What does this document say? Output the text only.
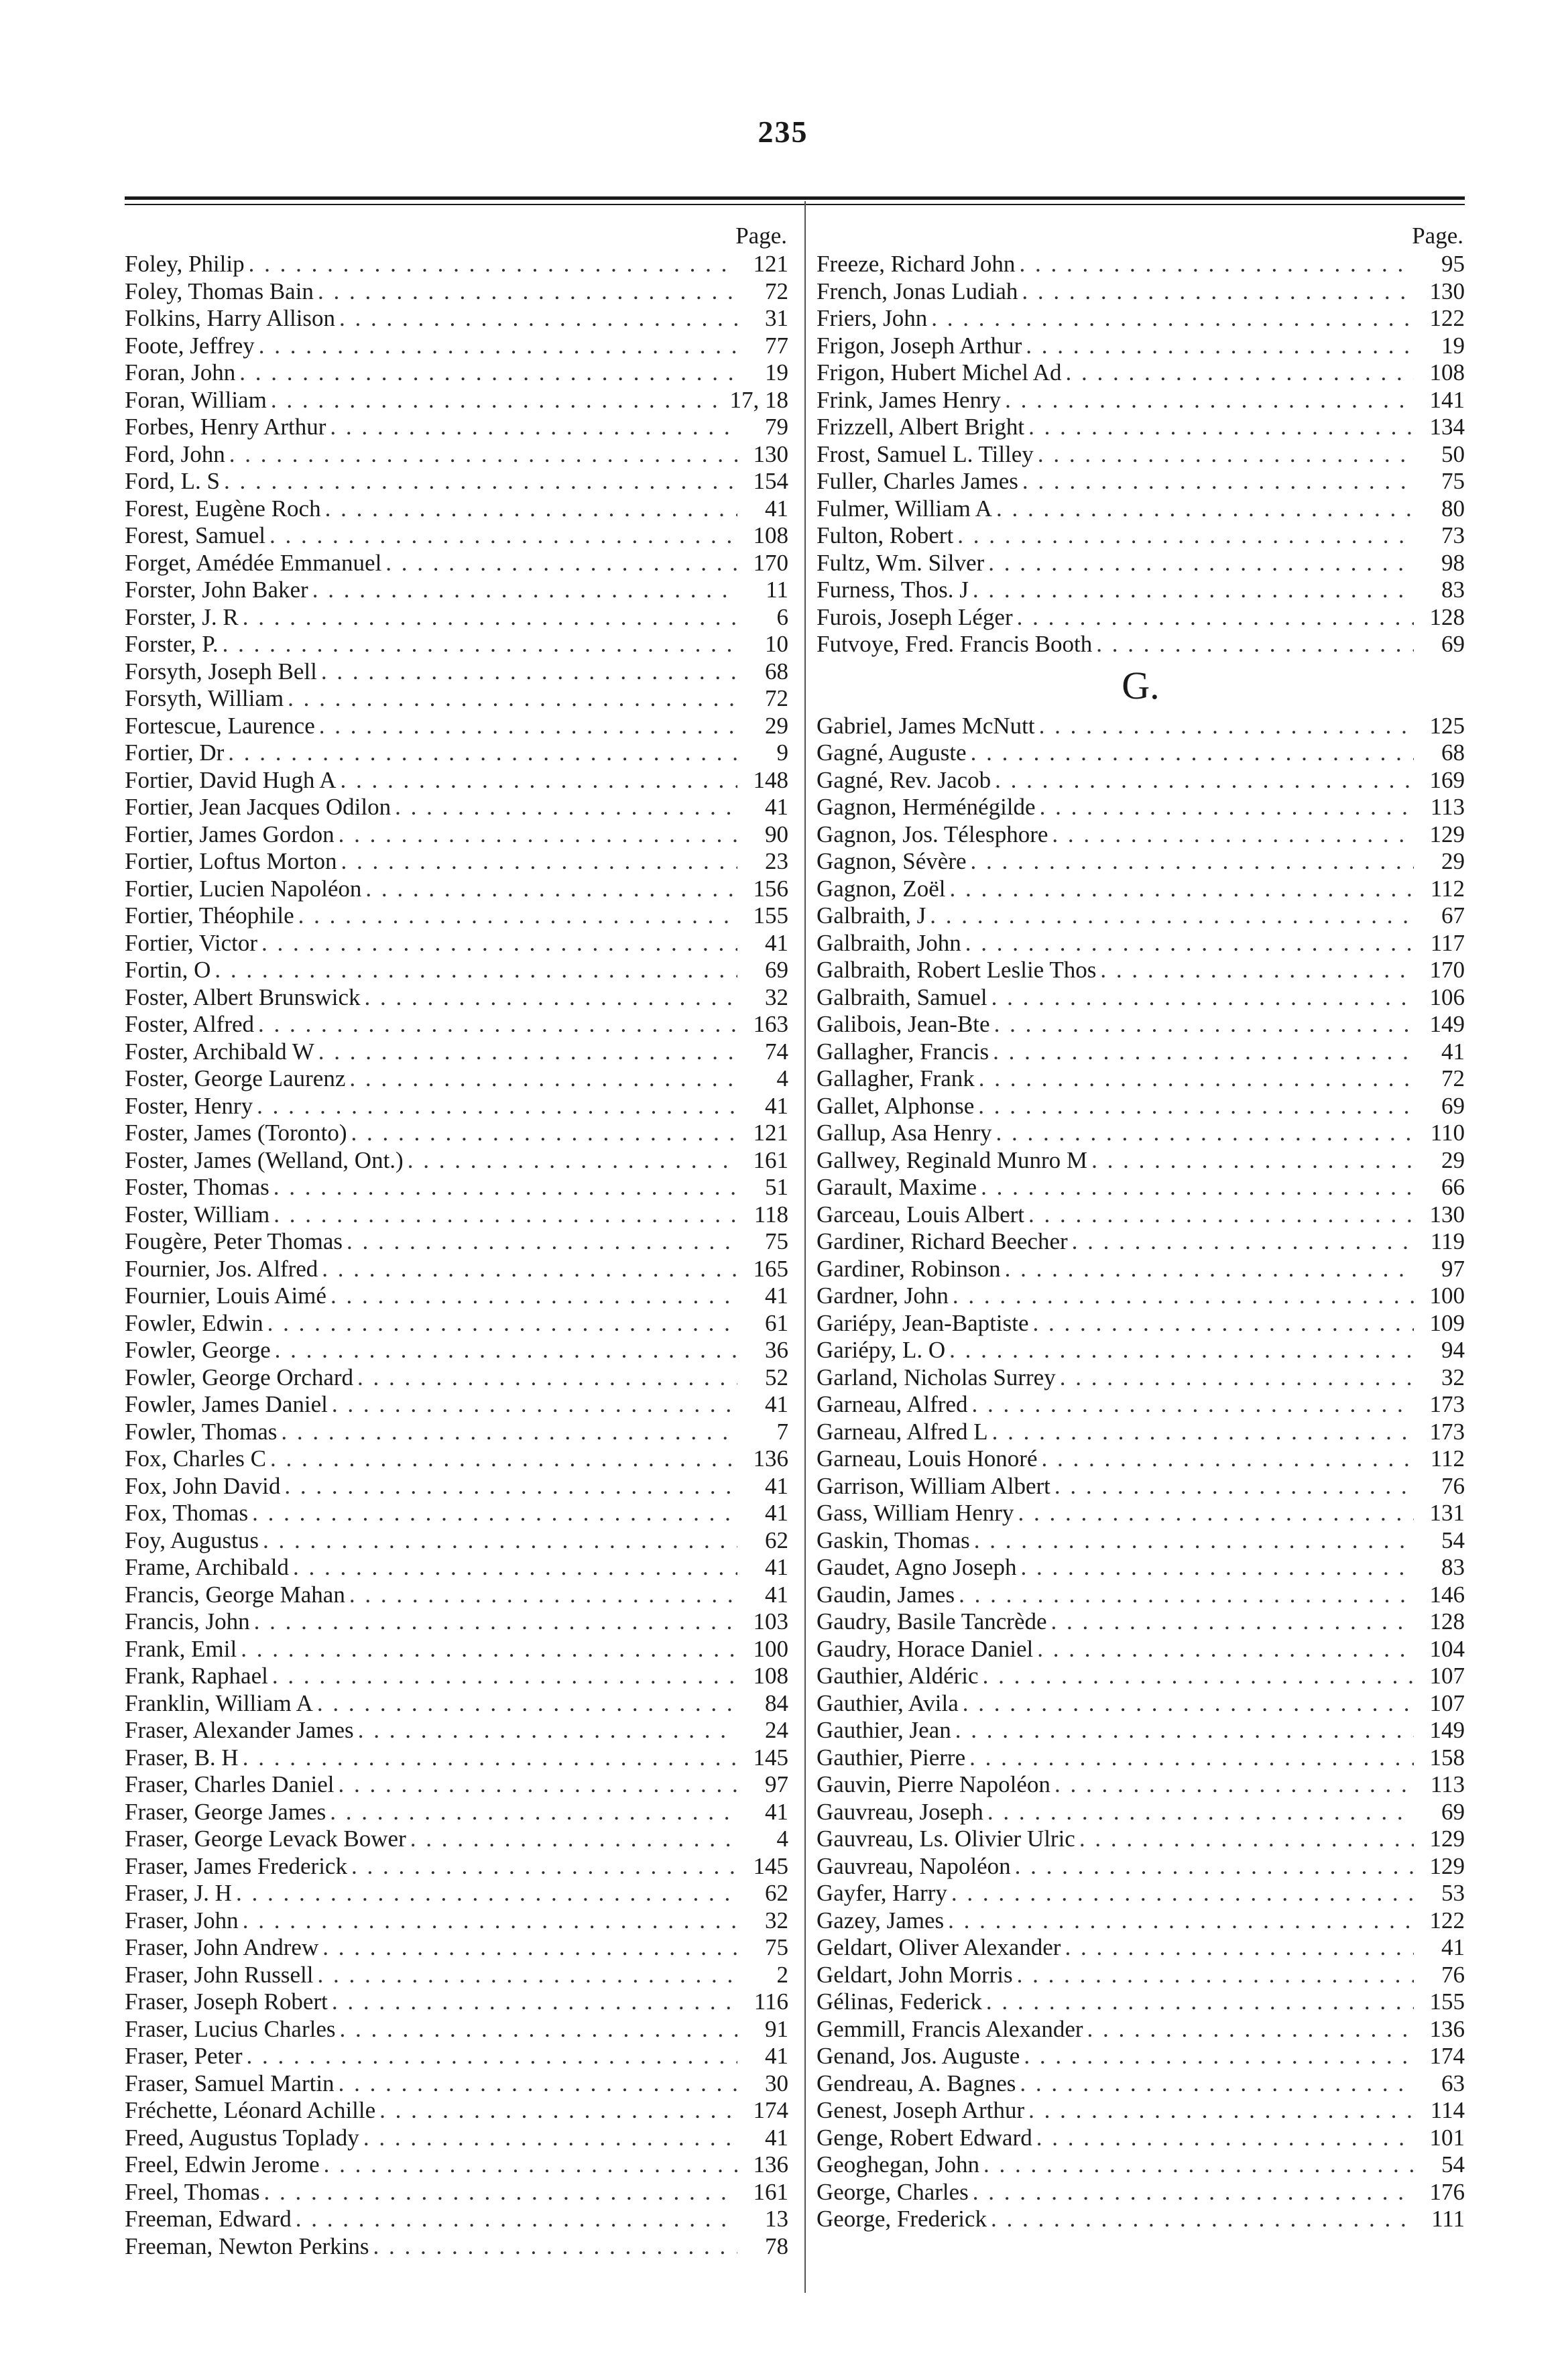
235
Page.
Foley, Philip . . .	121
Foley, Thomas Bain . . .	72
Folkins, Harry Allison . . .	31
Foote, Jeffrey . . .	77
Foran, John . . .	19
Foran, William . . .	17, 18
Forbes, Henry Arthur . . .	79
Ford, John . . .	130
Ford, L. S . . .	154
Forest, Eugène Roch . . .	41
Forest, Samuel . . .	108
Forget, Amédée Emmanuel . . .	170
Forster, John Baker . . .	11
Forster, J. R . . .	6
Forster, P. . . .	10
Forsyth, Joseph Bell . . .	68
Forsyth, William . . .	72
Fortescue, Laurence . . .	29
Fortier, Dr . . .	9
Fortier, David Hugh A . . .	148
Fortier, Jean Jacques Odilon . . .	41
Fortier, James Gordon . . .	90
Fortier, Loftus Morton . . .	23
Fortier, Lucien Napoléon . . .	156
Fortier, Théophile . . .	155
Fortier, Victor . . .	41
Fortin, O . . .	69
Foster, Albert Brunswick . . .	32
Foster, Alfred . . .	163
Foster, Archibald W . . .	74
Foster, George Laurenz . . .	4
Foster, Henry . . .	41
Foster, James (Toronto) . . .	121
Foster, James (Welland, Ont.) . . .	161
Foster, Thomas . . .	51
Foster, William . . .	118
Fougère, Peter Thomas . . .	75
Fournier, Jos. Alfred . . .	165
Fournier, Louis Aimé . . .	41
Fowler, Edwin . . .	61
Fowler, George . . .	36
Fowler, George Orchard . . .	52
Fowler, James Daniel . . .	41
Fowler, Thomas . . .	7
Fox, Charles C . . .	136
Fox, John David . . .	41
Fox, Thomas . . .	41
Foy, Augustus . . .	62
Frame, Archibald . . .	41
Francis, George Mahan . . .	41
Francis, John . . .	103
Frank, Emil . . .	100
Frank, Raphael . . .	108
Franklin, William A . . .	84
Fraser, Alexander James . . .	24
Fraser, B. H . . .	145
Fraser, Charles Daniel . . .	97
Fraser, George James . . .	41
Fraser, George Levack Bower . . .	4
Fraser, James Frederick . . .	145
Fraser, J. H . . .	62
Fraser, John . . .	32
Fraser, John Andrew . . .	75
Fraser, John Russell . . .	2
Fraser, Joseph Robert . . .	116
Fraser, Lucius Charles . . .	91
Fraser, Peter . . .	41
Fraser, Samuel Martin . . .	30
Fréchette, Léonard Achille . . .	174
Freed, Augustus Toplady . . .	41
Freel, Edwin Jerome . . .	136
Freel, Thomas . . .	161
Freeman, Edward . . .	13
Freeman, Newton Perkins . . .	78
Page.
Freeze, Richard John . . .	95
French, Jonas Ludiah . . .	130
Friers, John . . .	122
Frigon, Joseph Arthur . . .	19
Frigon, Hubert Michel Ad . . .	108
Frink, James Henry . . .	141
Frizzell, Albert Bright . . .	134
Frost, Samuel L. Tilley . . .	50
Fuller, Charles James . . .	75
Fulmer, William A . . .	80
Fulton, Robert . . .	73
Fultz, Wm. Silver . . .	98
Furness, Thos. J . . .	83
Furois, Joseph Léger . . .	128
Futvoye, Fred. Francis Booth . . .	69
G.
Gabriel, James McNutt . . .	125
Gagné, Auguste . . .	68
Gagné, Rev. Jacob . . .	169
Gagnon, Herménégilde . . .	113
Gagnon, Jos. Télesphore . . .	129
Gagnon, Sévère . . .	29
Gagnon, Zoël . . .	112
Galbraith, J . . .	67
Galbraith, John . . .	117
Galbraith, Robert Leslie Thos . . .	170
Galbraith, Samuel . . .	106
Galibois, Jean-Bte . . .	149
Gallagher, Francis . . .	41
Gallagher, Frank . . .	72
Gallet, Alphonse . . .	69
Gallup, Asa Henry . . .	110
Gallwey, Reginald Munro M . . .	29
Garault, Maxime . . .	66
Garceau, Louis Albert . . .	130
Gardiner, Richard Beecher . . .	119
Gardiner, Robinson . . .	97
Gardner, John . . .	100
Gariépy, Jean-Baptiste . . .	109
Gariépy, L. O . . .	94
Garland, Nicholas Surrey . . .	32
Garneau, Alfred . . .	173
Garneau, Alfred L . . .	173
Garneau, Louis Honoré . . .	112
Garrison, William Albert . . .	76
Gass, William Henry . . .	131
Gaskin, Thomas . . .	54
Gaudet, Agno Joseph . . .	83
Gaudin, James . . .	146
Gaudry, Basile Tancrède . . .	128
Gaudry, Horace Daniel . . .	104
Gauthier, Aldéric . . .	107
Gauthier, Avila . . .	107
Gauthier, Jean . . .	149
Gauthier, Pierre . . .	158
Gauvin, Pierre Napoléon . . .	113
Gauvreau, Joseph . . .	69
Gauvreau, Ls. Olivier Ulric . . .	129
Gauvreau, Napoléon . . .	129
Gayfer, Harry . . .	53
Gazey, James . . .	122
Geldart, Oliver Alexander . . .	41
Geldart, John Morris . . .	76
Gélinas, Federick . . .	155
Gemmill, Francis Alexander . . .	136
Genand, Jos. Auguste . . .	174
Gendreau, A. Bagnes . . .	63
Genest, Joseph Arthur . . .	114
Genge, Robert Edward . . .	101
Geoghegan, John . . .	54
George, Charles . . .	176
George, Frederick . . .	111
